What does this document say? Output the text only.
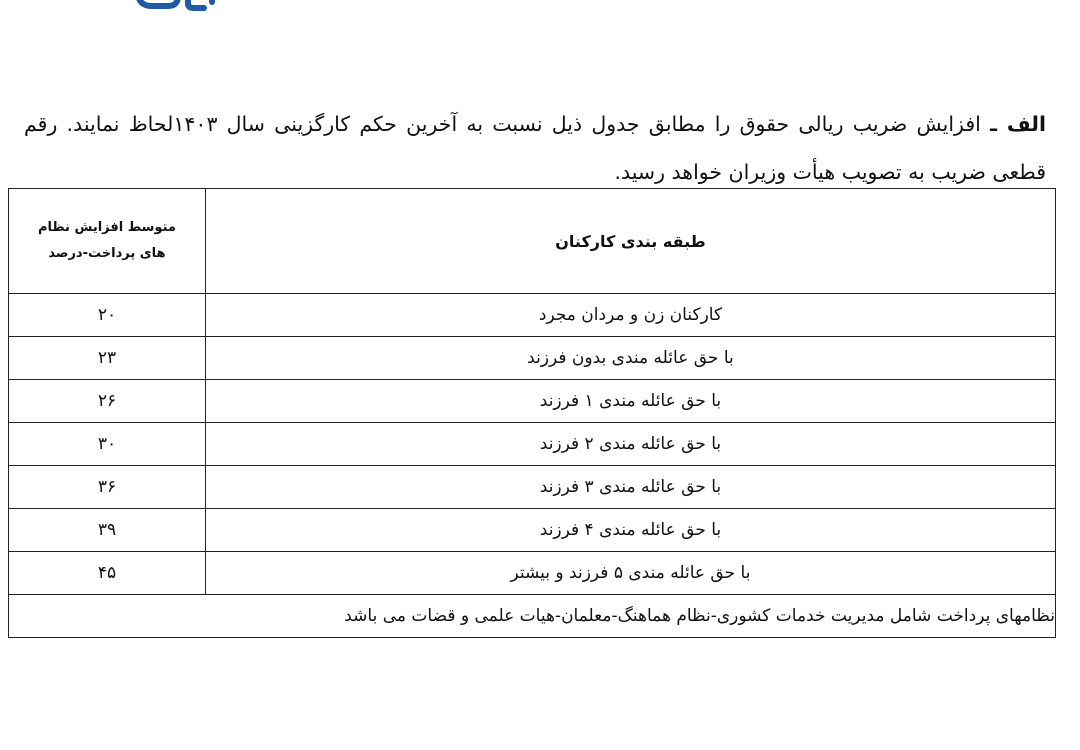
الف ـ افزایش ضریب ریالی حقوق را مطابق جدول ذیل نسبت به آخرین حکم کارگزینی سال ۱۴۰۳لحاظ نمایند. رقم قطعی ضریب به تصویب هیأت وزیران خواهد رسید.
طبقه بندی کارکنان	متوسط افزایش نظام های پرداخت-درصد

کارکنان زن و مردان مجرد	۲۰
با حق عائله مندی بدون فرزند	۲۳
با حق عائله مندی ۱ فرزند	۲۶
با حق عائله مندی ۲ فرزند	۳۰
با حق عائله مندی ۳ فرزند	۳۶
با حق عائله مندی ۴ فرزند	۳۹
با حق عائله مندی ۵ فرزند و بیشتر	۴۵
نظامهای پرداخت شامل مدیریت خدمات کشوری-نظام هماهنگ-معلمان-هیات علمی و قضات می باشد	
